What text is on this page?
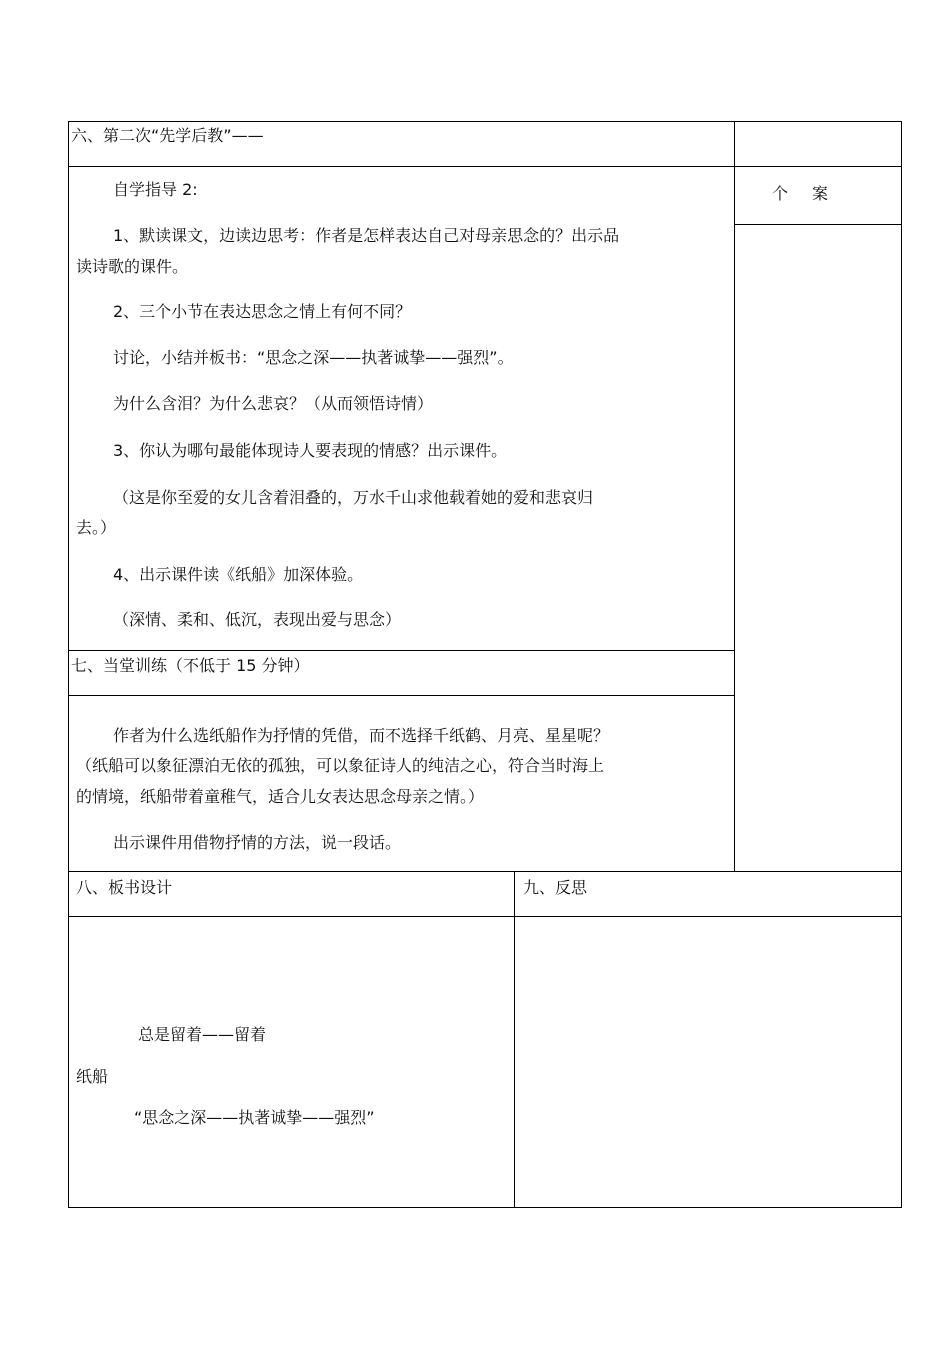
六、第二次“先学后教”——
个　案
自学指导 2:
1、默读课文，边读边思考：作者是怎样表达自己对母亲思念的？出示品
读诗歌的课件。
2、三个小节在表达思念之情上有何不同？
讨论，小结并板书：“思念之深——执著诚挚——强烈”。
为什么含泪？为什么悲哀？（从而领悟诗情）
3、你认为哪句最能体现诗人要表现的情感？出示课件。
（这是你至爱的女儿含着泪叠的，万水千山求他载着她的爱和悲哀归
去。）
4、出示课件读《纸船》加深体验。
（深情、柔和、低沉，表现出爱与思念）
七、当堂训练（不低于 15 分钟）
作者为什么选纸船作为抒情的凭借，而不选择千纸鹤、月亮、星星呢？
（纸船可以象征漂泊无依的孤独，可以象征诗人的纯洁之心，符合当时海上
的情境，纸船带着童稚气，适合儿女表达思念母亲之情。）
出示课件用借物抒情的方法，说一段话。
八、板书设计
总是留着——留着
纸船
“思念之深——执著诚挚——强烈”
九、反思
